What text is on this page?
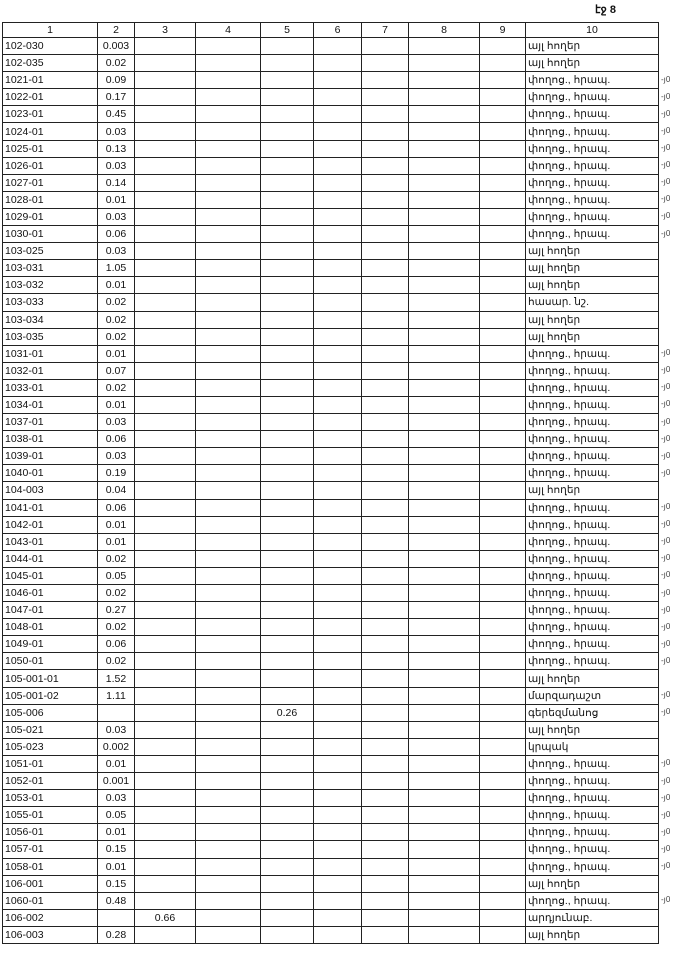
էջ 8
1	2	3	4	5	6	7	8	9	10
102-030	0.003								այլ հողեր
102-035	0.02								այլ հողեր
1021-01	0.09								փողոց., հրապ.
1022-01	0.17								փողոց., հրապ.
1023-01	0.45								փողոց., հրապ.
1024-01	0.03								փողոց., հրապ.
1025-01	0.13								փողոց., հրապ.
1026-01	0.03								փողոց., հրապ.
1027-01	0.14								փողոց., հրապ.
1028-01	0.01								փողոց., հրապ.
1029-01	0.03								փողոց., հրապ.
1030-01	0.06								փողոց., հրապ.
103-025	0.03								այլ հողեր
103-031	1.05								այլ հողեր
103-032	0.01								այլ հողեր
103-033	0.02								հասար. նշ.
103-034	0.02								այլ հողեր
103-035	0.02								այլ հողեր
1031-01	0.01								փողոց., հրապ.
1032-01	0.07								փողոց., հրապ.
1033-01	0.02								փողոց., հրապ.
1034-01	0.01								փողոց., հրապ.
1037-01	0.03								փողոց., հրապ.
1038-01	0.06								փողոց., հրապ.
1039-01	0.03								փողոց., հրապ.
1040-01	0.19								փողոց., հրապ.
104-003	0.04								այլ հողեր
1041-01	0.06								փողոց., հրապ.
1042-01	0.01								փողոց., հրապ.
1043-01	0.01								փողոց., հրապ.
1044-01	0.02								փողոց., հրապ.
1045-01	0.05								փողոց., հրապ.
1046-01	0.02								փողոց., հրապ.
1047-01	0.27								փողոց., հրապ.
1048-01	0.02								փողոց., հրապ.
1049-01	0.06								փողոց., հրապ.
1050-01	0.02								փողոց., հրապ.
105-001-01	1.52								այլ հողեր
105-001-02	1.11								մարզադաշտ
105-006				0.26					գերեզմանոց
105-021	0.03								այլ հողեր
105-023	0.002								կրպակ
1051-01	0.01								փողոց., հրապ.
1052-01	0.001								փողոց., հրապ.
1053-01	0.03								փողոց., հրապ.
1055-01	0.05								փողոց., հրապ.
1056-01	0.01								փողոց., հրապ.
1057-01	0.15								փողոց., հրապ.
1058-01	0.01								փողոց., հրապ.
106-001	0.15								այլ հողեր
1060-01	0.48								փողոց., հրապ.
106-002		0.66							արդյունաբ.
106-003	0.28								այլ հողեր
-յ0
-յ0
-յ0
-յ0
-յ0
-յ0
-յ0
-յ0
-յ0
-յ0
-յ0
-յ0
-յ0
-յ0
-յ0
-յ0
-յ0
-յ0
-յ0
-յ0
-յ0
-յ0
-յ0
-յ0
-յ0
-յ0
-յ0
-յ0
-յ0
-յ0
-յ0
-յ0
-յ0
-յ0
-յ0
-յ0
-յ0
-յ0
